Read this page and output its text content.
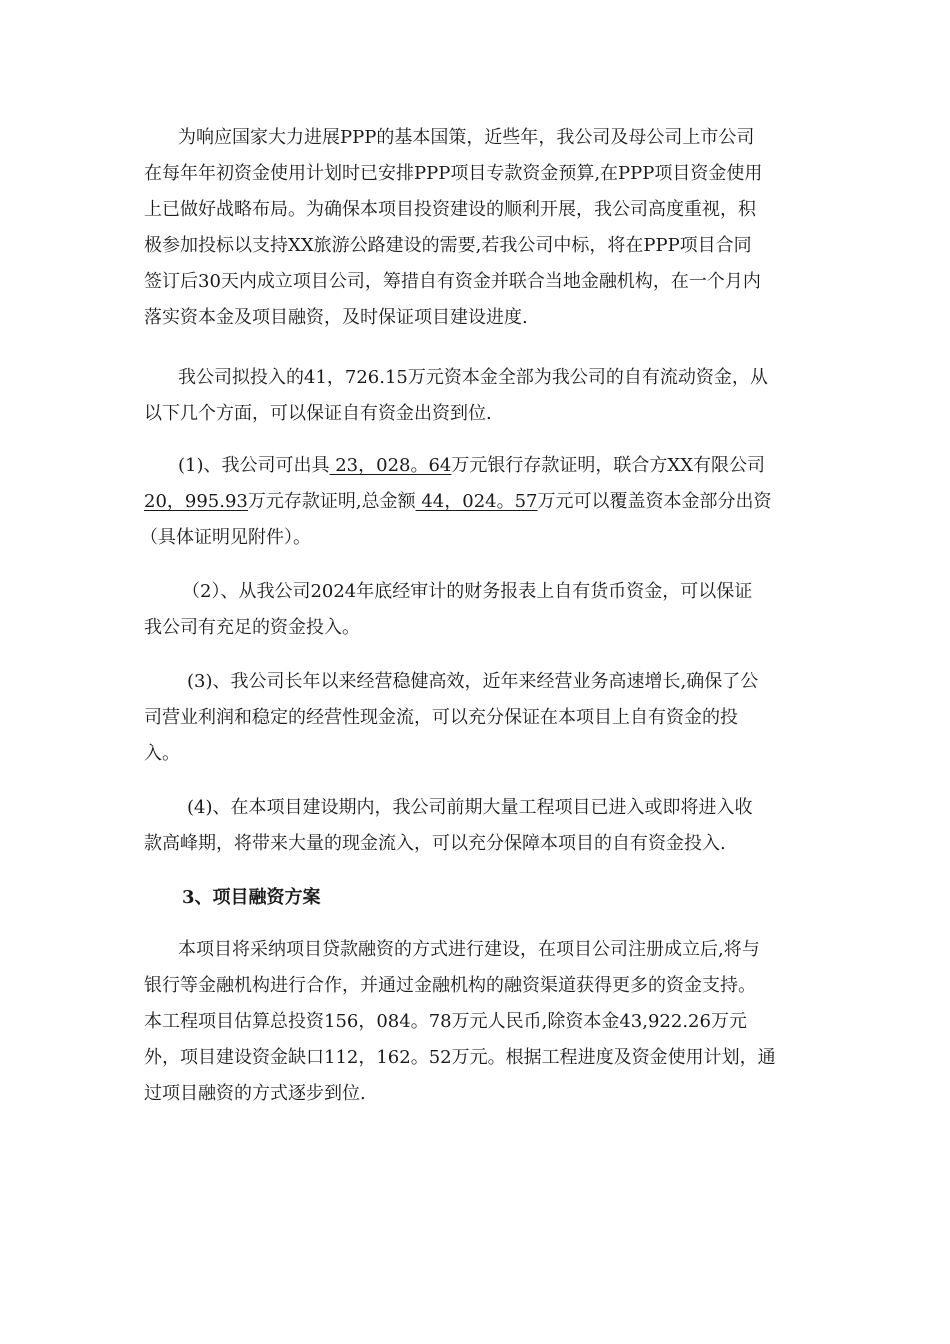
为响应国家大力进展PPP的基本国策，近些年，我公司及母公司上市公司
在每年年初资金使用计划时已安排PPP项目专款资金预算,在PPP项目资金使用
上已做好战略布局。为确保本项目投资建设的顺利开展，我公司高度重视，积
极参加投标以支持XX旅游公路建设的需要,若我公司中标，将在PPP项目合同
签订后30天内成立项目公司，筹措自有资金并联合当地金融机构，在一个月内
落实资本金及项目融资，及时保证项目建设进度.
我公司拟投入的41，726.15万元资本金全部为我公司的自有流动资金，从
以下几个方面，可以保证自有资金出资到位.
(1)、我公司可出具 23，028。64万元银行存款证明，联合方XX有限公司
20，995.93万元存款证明,总金额 44，024。57万元可以覆盖资本金部分出资
（具体证明见附件）。
（2）、从我公司2024年底经审计的财务报表上自有货币资金，可以保证
我公司有充足的资金投入。
(3)、我公司长年以来经营稳健高效，近年来经营业务高速增长,确保了公
司营业利润和稳定的经营性现金流，可以充分保证在本项目上自有资金的投
入。
(4)、在本项目建设期内，我公司前期大量工程项目已进入或即将进入收
款高峰期，将带来大量的现金流入，可以充分保障本项目的自有资金投入.
3、项目融资方案
本项目将采纳项目贷款融资的方式进行建设，在项目公司注册成立后,将与
银行等金融机构进行合作，并通过金融机构的融资渠道获得更多的资金支持。
本工程项目估算总投资156，084。78万元人民币,除资本金43,922.26万元
外，项目建设资金缺口112，162。52万元。根据工程进度及资金使用计划，通
过项目融资的方式逐步到位.
